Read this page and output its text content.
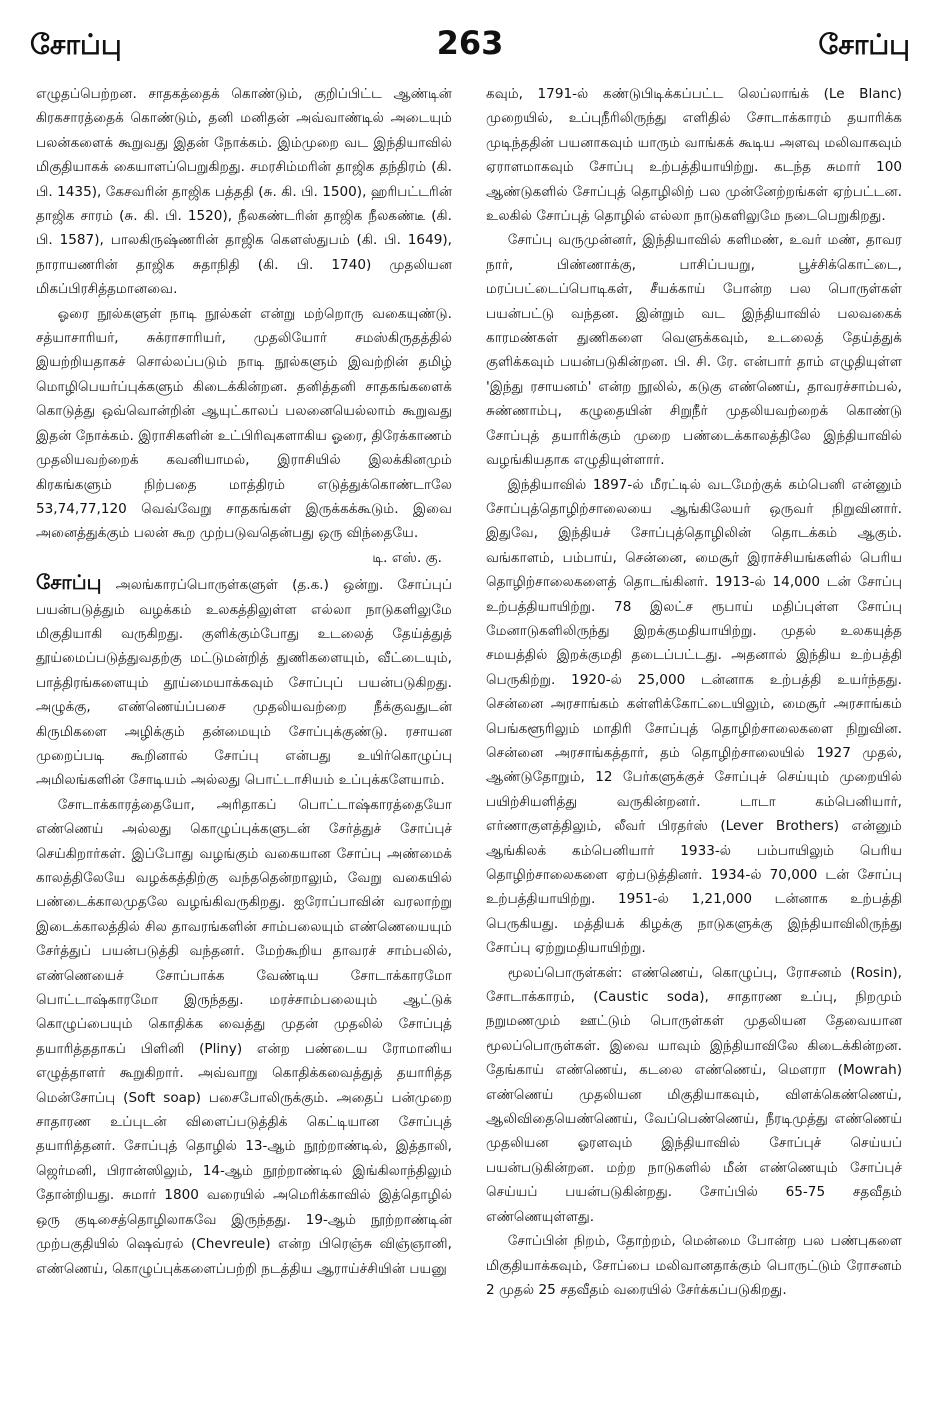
சோப்பு	263	சோப்பு

எழுதப்பெற்றன. சாதகத்தைக் கொண்டும், குறிப்பிட்ட ஆண்டின் கிரகசாரத்தைக் கொண்டும், தனி மனிதன் அவ்வாண்டில் அடையும் பலன்களைக் கூறுவது இதன் நோக்கம். இம்முறை வட இந்தியாவில் மிகுதியாகக் கையாளப்பெறுகிறது. சமரசிம்மரின் தாஜிக தந்திரம் (கி. பி. 1435), கேசவரின் தாஜிக பத்ததி (சு. கி. பி. 1500), ஹரிபட்டரின் தாஜிக சாரம் (சு. கி. பி. 1520), நீலகண்டரின் தாஜிக நீலகண்டீ (கி. பி. 1587), பாலகிருஷ்ணரின் தாஜிக கௌஸ்துபம் (கி. பி. 1649), நாராயணரின் தாஜிக சுதாநிதி (கி. பி. 1740) முதலியன மிகப்பிரசித்தமானவை.

ஓரை நூல்களுள் நாடி நூல்கள் என்று மற்றொரு வகையுண்டு. சத்யாசாரியர், சுக்ராசாரியர், முதலியோர் சமஸ்கிருதத்தில் இயற்றியதாகச் சொல்லப்படும் நாடி நூல்களும் இவற்றின் தமிழ் மொழிபெயர்ப்புக்களும் கிடைக்கின்றன. தனித்தனி சாதகங்களைக் கொடுத்து ஒவ்வொன்றின் ஆயுட்காலப் பலனையெல்லாம் கூறுவது இதன் நோக்கம். இராசிகளின் உட்பிரிவுகளாகிய ஓரை, திரேக்காணம் முதலியவற்றைக் கவனியாமல், இராசியில் இலக்கினமும் கிரகங்களும் நிற்பதை மாத்திரம் எடுத்துக்கொண்டாலே 53,74,77,120 வெவ்வேறு சாதகங்கள் இருக்கக்கூடும். இவை அனைத்துக்கும் பலன் கூற முற்படுவதென்பது ஒரு விந்தையே.

டி. எஸ். கு.

சோப்பு அலங்காரப்பொருள்களுள் (த.க.) ஒன்று. சோப்புப் பயன்படுத்தும் வழக்கம் உலகத்திலுள்ள எல்லா நாடுகளிலுமே மிகுதியாகி வருகிறது. குளிக்கும்போது உடலைத் தேய்த்துத் தூய்மைப்படுத்துவதற்கு மட்டுமன்றித் துணிகளையும், வீட்டையும், பாத்திரங்களையும் தூய்மையாக்கவும் சோப்புப் பயன்படுகிறது. அழுக்கு, எண்ணெய்ப்பசை முதலியவற்றை நீக்குவதுடன் கிருமிகளை அழிக்கும் தன்மையும் சோப்புக்குண்டு. ரசாயன முறைப்படி கூறினால் சோப்பு என்பது உயிர்கொழுப்பு அமிலங்களின் சோடியம் அல்லது பொட்டாசியம் உப்புக்களேயாம்.

சோடாக்காரத்தையோ, அரிதாகப் பொட்டாஷ்காரத்தையோ எண்ணெய் அல்லது கொழுப்புக்களுடன் சேர்த்துச் சோப்புச் செய்கிறார்கள். இப்போது வழங்கும் வகையான சோப்பு அண்மைக் காலத்திலேயே வழக்கத்திற்கு வந்ததென்றாலும், வேறு வகையில் பண்டைக்காலமுதலே வழங்கிவருகிறது. ஐரோப்பாவின் வரலாற்று இடைக்காலத்தில் சில தாவரங்களின் சாம்பலையும் எண்ணெயையும் சேர்த்துப் பயன்படுத்தி வந்தனர். மேற்கூறிய தாவரச் சாம்பலில், எண்ணெயைச் சோப்பாக்க வேண்டிய சோடாக்காரமோ பொட்டாஷ்காரமோ இருந்தது. மரச்சாம்பலையும் ஆட்டுக் கொழுப்பையும் கொதிக்க வைத்து முதன் முதலில் சோப்புத் தயாரித்ததாகப் பிளினி (Pliny) என்ற பண்டைய ரோமானிய எழுத்தாளர் கூறுகிறார். அவ்வாறு கொதிக்கவைத்துத் தயாரித்த மென்சோப்பு (Soft soap) பசைபோலிருக்கும். அதைப் பன்முறை சாதாரண உப்புடன் விளைப்படுத்திக் கெட்டியான சோப்புத் தயாரித்தனர். சோப்புத் தொழில் 13-ஆம் நூற்றாண்டில், இத்தாலி, ஜெர்மனி, பிரான்ஸிலும், 14-ஆம் நூற்றாண்டில் இங்கிலாந்திலும் தோன்றியது. சுமார் 1800 வரையில் அமெரிக்காவில் இத்தொழில் ஒரு குடிசைத்தொழிலாகவே இருந்தது. 19-ஆம் நூற்றாண்டின் முற்பகுதியில் ஷெவ்ரல் (Chevreule) என்ற பிரெஞ்சு விஞ்ஞானி, எண்ணெய், கொழுப்புக்களைப்பற்றி நடத்திய ஆராய்ச்சியின் பயனு

கவும், 1791-ல் கண்டுபிடிக்கப்பட்ட லெப்லாங்க் (Le Blanc) முறையில், உப்புநீரிலிருந்து எளிதில் சோடாக்காரம் தயாரிக்க முடிந்ததின் பயனாகவும் யாரும் வாங்கக் கூடிய அளவு மலிவாகவும் ஏராளமாகவும் சோப்பு உற்பத்தியாயிற்று. கடந்த சுமார் 100 ஆண்டுகளில் சோப்புத் தொழிலிற் பல முன்னேற்றங்கள் ஏற்பட்டன. உலகில் சோப்புத் தொழில் எல்லா நாடுகளிலுமே நடைபெறுகிறது.

சோப்பு வருமுன்னர், இந்தியாவில் களிமண், உவர் மண், தாவர நார், பிண்ணாக்கு, பாசிப்பயறு, பூச்சிக்கொட்டை, மரப்பட்டைப்பொடிகள், சீயக்காய் போன்ற பல பொருள்கள் பயன்பட்டு வந்தன. இன்றும் வட இந்தியாவில் பலவகைக் காரமண்கள் துணிகளை வெளுக்கவும், உடலைத் தேய்த்துக் குளிக்கவும் பயன்படுகின்றன. பி. சி. ரே. என்பார் தாம் எழுதியுள்ள 'இந்து ரசாயனம்' என்ற நூலில், கடுகு எண்ணெய், தாவரச்சாம்பல், சுண்ணாம்பு, கழுதையின் சிறுநீர் முதலியவற்றைக் கொண்டு சோப்புத் தயாரிக்கும் முறை பண்டைக்காலத்திலே இந்தியாவில் வழங்கியதாக எழுதியுள்ளார்.

இந்தியாவில் 1897-ல் மீரட்டில் வடமேற்குக் கம்பெனி என்னும் சோப்புத்தொழிற்சாலையை ஆங்கிலேயர் ஒருவர் நிறுவினார். இதுவே, இந்தியச் சோப்புத்தொழிலின் தொடக்கம் ஆகும். வங்காளம், பம்பாய், சென்னை, மைசூர் இராச்சியங்களில் பெரிய தொழிற்சாலைகளைத் தொடங்கினர். 1913-ல் 14,000 டன் சோப்பு உற்பத்தியாயிற்று. 78 இலட்ச ரூபாய் மதிப்புள்ள சோப்பு மேனாடுகளிலிருந்து இறக்குமதியாயிற்று. முதல் உலகயுத்த சமயத்தில் இறக்குமதி தடைப்பட்டது. அதனால் இந்திய உற்பத்தி பெருகிற்று. 1920-ல் 25,000 டன்னாக உற்பத்தி உயர்ந்தது. சென்னை அரசாங்கம் கள்ளிக்கோட்டையிலும், மைசூர் அரசாங்கம் பெங்களூரிலும் மாதிரி சோப்புத் தொழிற்சாலைகளை நிறுவின. சென்னை அரசாங்கத்தார், தம் தொழிற்சாலையில் 1927 முதல், ஆண்டுதோறும், 12 பேர்களுக்குச் சோப்புச் செய்யும் முறையில் பயிற்சியளித்து வருகின்றனர். டாடா கம்பெனியார், எர்ணாகுளத்திலும், லீவர் பிரதர்ஸ் (Lever Brothers) என்னும் ஆங்கிலக் கம்பெனியார் 1933-ல் பம்பாயிலும் பெரிய தொழிற்சாலைகளை ஏற்படுத்தினர். 1934-ல் 70,000 டன் சோப்பு உற்பத்தியாயிற்று. 1951-ல் 1,21,000 டன்னாக உற்பத்தி பெருகியது. மத்தியக் கிழக்கு நாடுகளுக்கு இந்தியாவிலிருந்து சோப்பு ஏற்றுமதியாயிற்று.

மூலப்பொருள்கள்: எண்ணெய், கொழுப்பு, ரோசனம் (Rosin), சோடாக்காரம், (Caustic soda), சாதாரண உப்பு, நிறமும் நறுமணமும் ஊட்டும் பொருள்கள் முதலியன தேவையான மூலப்பொருள்கள். இவை யாவும் இந்தியாவிலே கிடைக்கின்றன. தேங்காய் எண்ணெய், கடலை எண்ணெய், மௌரா (Mowrah) எண்ணெய் முதலியன மிகுதியாகவும், விளக்கெண்ணெய், ஆலிவிதையெண்ணெய், வேப்பெண்ணெய், நீரடிமுத்து எண்ணெய் முதலியன ஓரளவும் இந்தியாவில் சோப்புச் செய்யப் பயன்படுகின்றன. மற்ற நாடுகளில் மீன் எண்ணெயும் சோப்புச் செய்யப் பயன்படுகின்றது. சோப்பில் 65-75 சதவீதம் எண்ணெயுள்ளது.

சோப்பின் நிறம், தோற்றம், மென்மை போன்ற பல பண்புகளை மிகுதியாக்கவும், சோப்பை மலிவானதாக்கும் பொருட்டும் ரோசனம் 2 முதல் 25 சதவீதம் வரையில் சேர்க்கப்படுகிறது.
